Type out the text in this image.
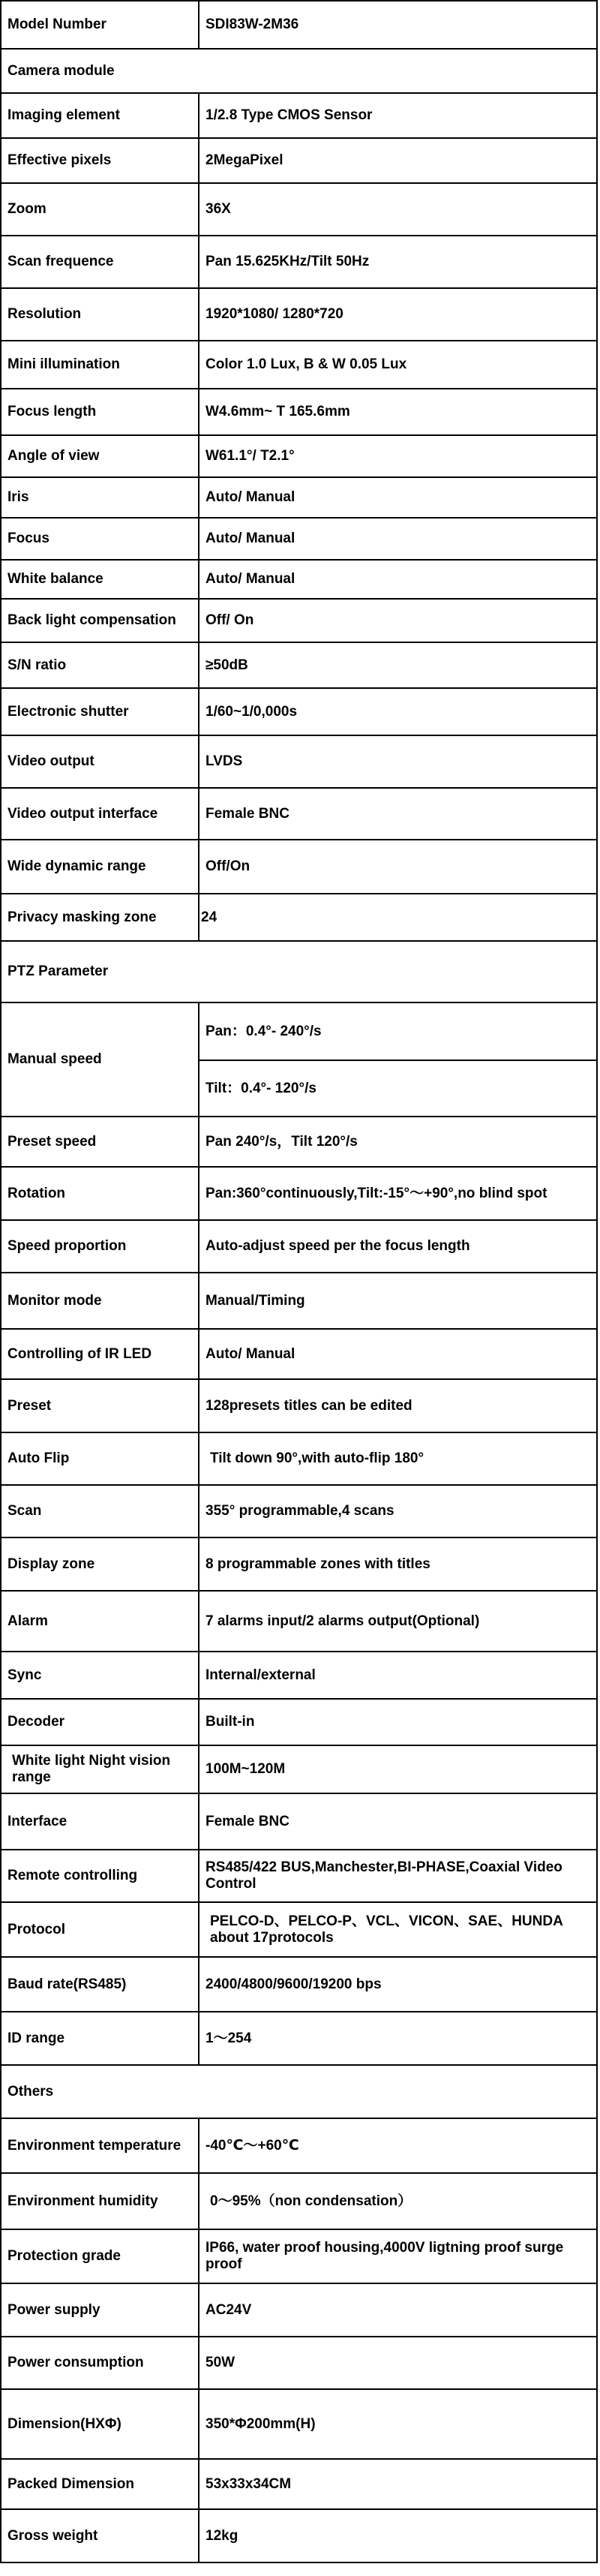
Model Number	SDI83W-2M36
Camera module	
Imaging element	1/2.8 Type CMOS Sensor
Effective pixels	2MegaPixel
Zoom	36X
Scan frequence	Pan 15.625KHz/Tilt 50Hz
Resolution	1920*1080/ 1280*720
Mini illumination	Color 1.0 Lux, B & W 0.05 Lux
Focus length	W4.6mm~ T 165.6mm
Angle of view	W61.1°/ T2.1°
Iris	Auto/ Manual
Focus	Auto/ Manual
White balance	Auto/ Manual
Back light compensation	Off/ On
S/N ratio	≥50dB
Electronic shutter	1/60~1/0,000s
Video output	LVDS
Video output interface	Female BNC
Wide dynamic range	Off/On
Privacy masking zone	24
PTZ Parameter	
Manual speed	Pan：0.4°- 240°/s
	Tilt：0.4°- 120°/s
Preset speed	Pan 240°/s，Tilt 120°/s
Rotation	Pan:360°continuously,Tilt:-15°～+90°,no blind spot
Speed proportion	Auto-adjust speed per the focus length
Monitor mode	Manual/Timing
Controlling of IR LED	Auto/ Manual
Preset	128presets titles can be edited
Auto Flip	Tilt down 90°,with auto-flip 180°
Scan	355° programmable,4 scans
Display zone	8 programmable zones with titles
Alarm	7 alarms input/2 alarms output(Optional)
Sync	Internal/external
Decoder	Built-in
White light Night vision range	100M~120M
Interface	Female BNC
Remote controlling	RS485/422 BUS,Manchester,BI-PHASE,Coaxial Video Control
Protocol	PELCO-D、PELCO-P、VCL、VICON、SAE、HUNDA about 17protocols
Baud rate(RS485)	2400/4800/9600/19200 bps
ID range	1～254
Others	
Environment temperature	-40℃～+60℃
Environment humidity	0～95%（non condensation）
Protection grade	IP66, water proof housing,4000V ligtning proof surge proof
Power supply	AC24V
Power consumption	50W
Dimension(HXΦ)	350*Φ200mm(H)
Packed Dimension	53x33x34CM
Gross weight	12kg
